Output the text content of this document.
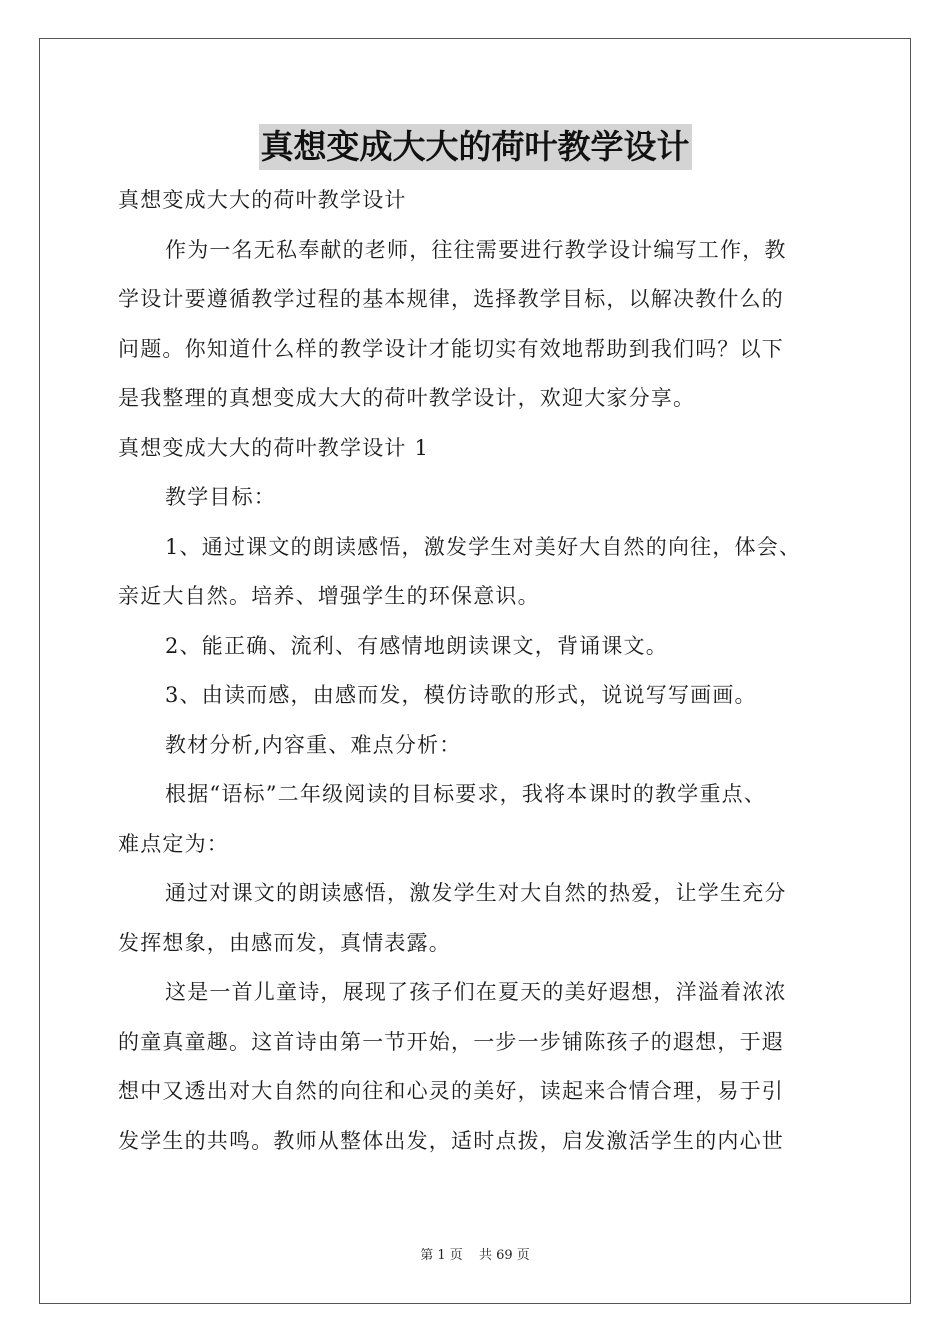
真想变成大大的荷叶教学设计
真想变成大大的荷叶教学设计
作为一名无私奉献的老师，往往需要进行教学设计编写工作，教
学设计要遵循教学过程的基本规律，选择教学目标，以解决教什么的
问题。你知道什么样的教学设计才能切实有效地帮助到我们吗？以下
是我整理的真想变成大大的荷叶教学设计，欢迎大家分享。
真想变成大大的荷叶教学设计 1
教学目标：
1、通过课文的朗读感悟，激发学生对美好大自然的向往，体会、
亲近大自然。培养、增强学生的环保意识。
2、能正确、流利、有感情地朗读课文，背诵课文。
3、由读而感，由感而发，模仿诗歌的形式，说说写写画画。
教材分析,内容重、难点分析：
根据“语标”二年级阅读的目标要求，我将本课时的教学重点、
难点定为：
通过对课文的朗读感悟，激发学生对大自然的热爱，让学生充分
发挥想象，由感而发，真情表露。
这是一首儿童诗，展现了孩子们在夏天的美好遐想，洋溢着浓浓
的童真童趣。这首诗由第一节开始，一步一步铺陈孩子的遐想，于遐
想中又透出对大自然的向往和心灵的美好，读起来合情合理，易于引
发学生的共鸣。教师从整体出发，适时点拨，启发激活学生的内心世
第 1 页 共 69 页
